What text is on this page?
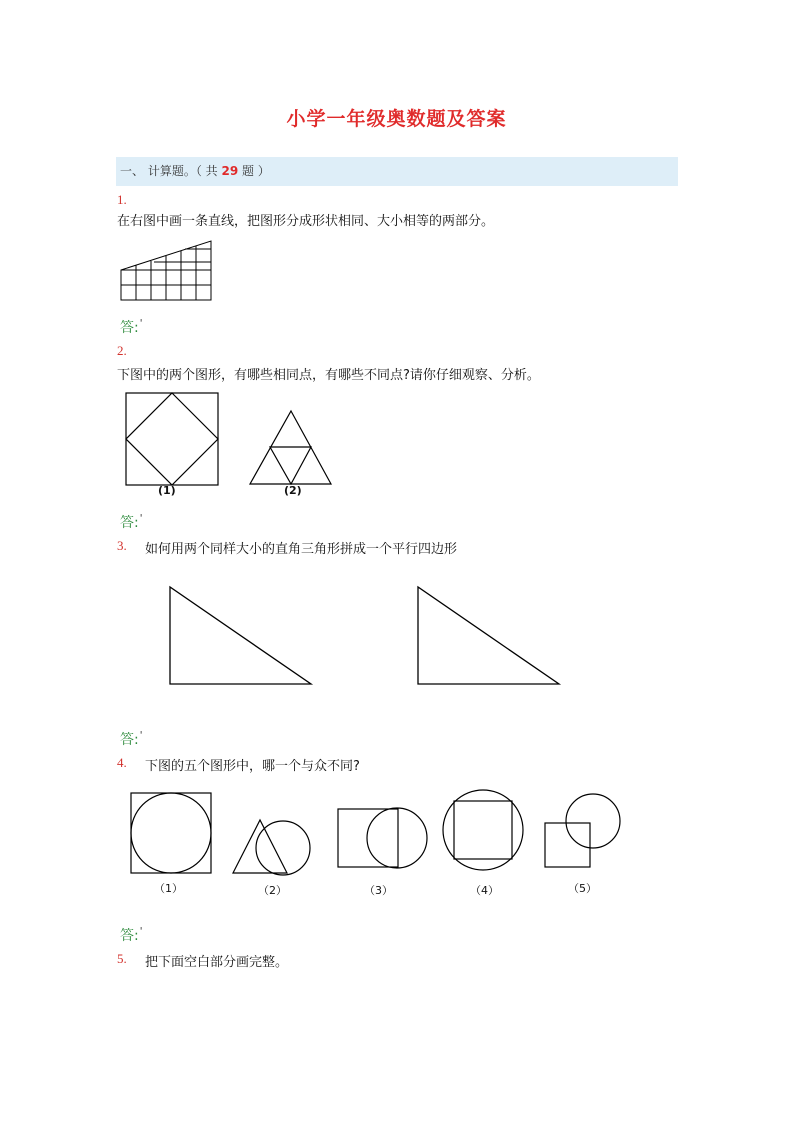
小学一年级奥数题及答案
一、 计算题。（ 共 29 题 ）
1.
在右图中画一条直线，把图形分成形状相同、大小相等的两部分。
答:'
2.
下图中的两个图形，有哪些相同点，有哪些不同点?请你仔细观察、分析。
(1)	(2)
答:'
3. 如何用两个同样大小的直角三角形拼成一个平行四边形
答:'
4. 下图的五个图形中，哪一个与众不同?
（1）	（2）	（3）	（4）	（5）
答:'
5. 把下面空白部分画完整。
